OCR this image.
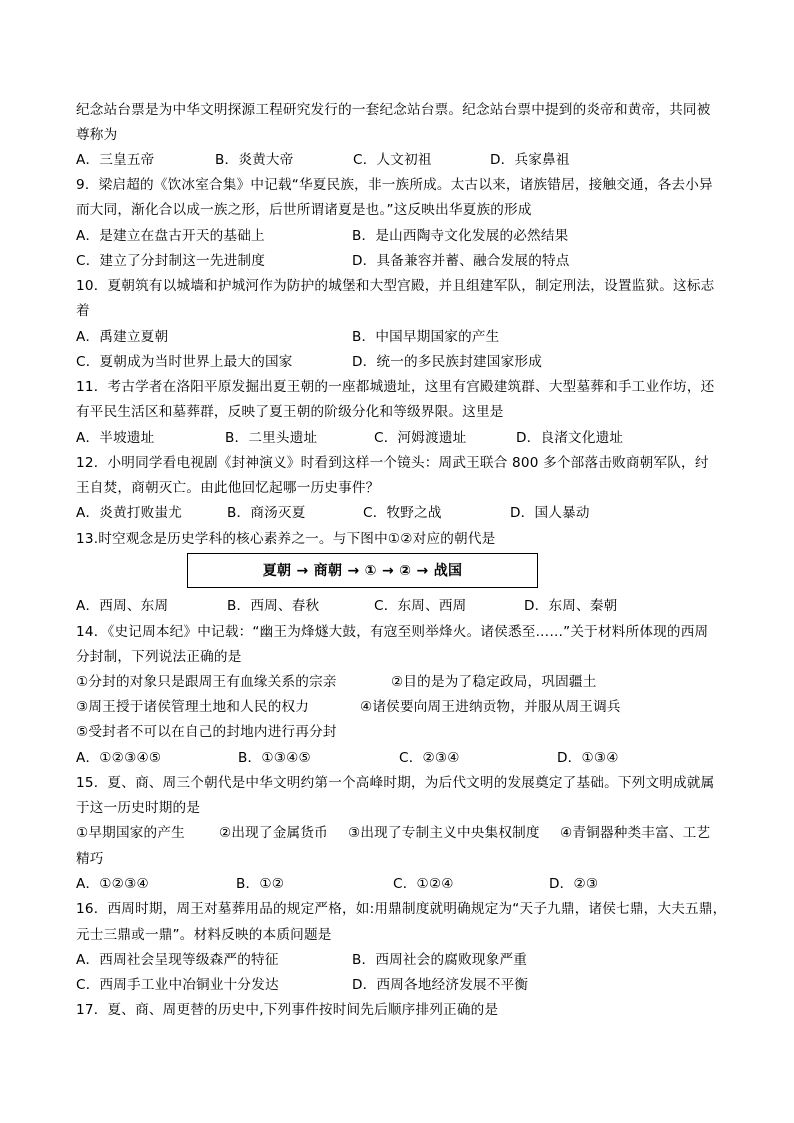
纪念站台票是为中华文明探源工程研究发行的一套纪念站台票。纪念站台票中提到的炎帝和黄帝，共同被
尊称为
A．三皇五帝	B．炎黄大帝	C．人文初祖	D．兵家鼻祖
9．梁启超的《饮冰室合集》中记载“华夏民族，非一族所成。太古以来，诸族错居，接触交通，各去小异
而大同，渐化合以成一族之形，后世所谓诸夏是也。”这反映出华夏族的形成
A．是建立在盘古开天的基础上	B．是山西陶寺文化发展的必然结果
C．建立了分封制这一先进制度	D．具备兼容并蓄、融合发展的特点
10．夏朝筑有以城墙和护城河作为防护的城堡和大型宫殿，并且组建军队，制定刑法，设置监狱。这标志
着
A．禹建立夏朝	B．中国早期国家的产生
C．夏朝成为当时世界上最大的国家	D．统一的多民族封建国家形成
11．考古学者在洛阳平原发掘出夏王朝的一座都城遗址，这里有宫殿建筑群、大型墓葬和手工业作坊，还
有平民生活区和墓葬群，反映了夏王朝的阶级分化和等级界限。这里是
A．半坡遗址	B．二里头遗址	C．河姆渡遗址	D．良渚文化遗址
12．小明同学看电视剧《封神演义》时看到这样一个镜头：周武王联合 800 多个部落击败商朝军队，纣
王自焚，商朝灭亡。由此他回忆起哪一历史事件？
A．炎黄打败蚩尤	B．商汤灭夏	C．牧野之战	D．国人暴动
13.时空观念是历史学科的核心素养之一。与下图中①②对应的朝代是
夏朝 → 商朝 → ① → ② → 战国
A．西周、东周	B．西周、春秋	C．东周、西周	D．东周、秦朝
14．《史记周本纪》中记载：“幽王为烽燧大鼓，有寇至则举烽火。诸侯悉至……”关于材料所体现的西周
分封制，下列说法正确的是
①分封的对象只是跟周王有血缘关系的宗亲	②目的是为了稳定政局，巩固疆土
③周王授于诸侯管理土地和人民的权力	④诸侯要向周王进纳贡物，并服从周王调兵
⑤受封者不可以在自己的封地内进行再分封
A．①②③④⑤	B．①③④⑤	C．②③④	D．①③④
15．夏、商、周三个朝代是中华文明约第一个高峰时期，为后代文明的发展奠定了基础。下列文明成就属
于这一历史时期的是
①早期国家的产生	②出现了金属货币 ③出现了专制主义中央集权制度 ④青铜器种类丰富、工艺
精巧
A．①②③④	B．①②	C．①②④	D．②③
16．西周时期，周王对墓葬用品的规定严格，如:用鼎制度就明确规定为“天子九鼎，诸侯七鼎，大夫五鼎，
元士三鼎或一鼎”。材料反映的本质问题是
A．西周社会呈现等级森严的特征	B．西周社会的腐败现象严重
C．西周手工业中冶铜业十分发达	D．西周各地经济发展不平衡
17．夏、商、周更替的历史中,下列事件按时间先后顺序排列正确的是
